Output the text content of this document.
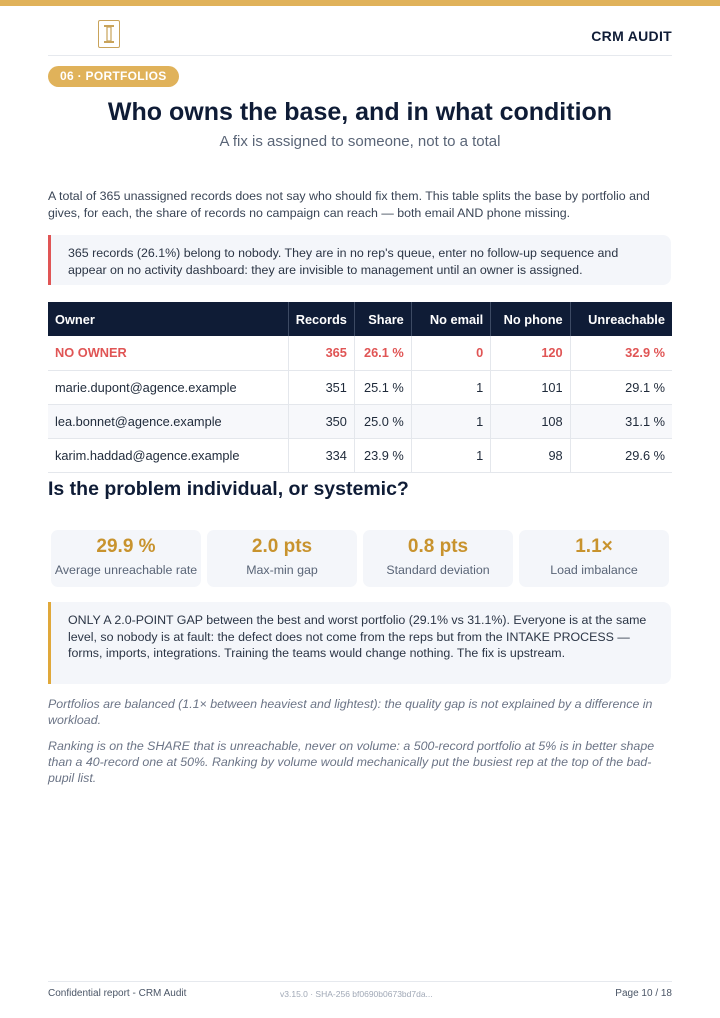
CRM AUDIT
06 · PORTFOLIOS
Who owns the base, and in what condition
A fix is assigned to someone, not to a total

A total of 365 unassigned records does not say who should fix them. This table splits the base by portfolio and gives, for each, the share of records no campaign can reach — both email AND phone missing.

365 records (26.1%) belong to nobody. They are in no rep's queue, enter no follow-up sequence and appear on no activity dashboard: they are invisible to management until an owner is assigned.
Owner	Records	Share	No email	No phone	Unreachable
NO OWNER	365	26.1 %	0	120	32.9 %
marie.dupont@agence.example	351	25.1 %	1	101	29.1 %
lea.bonnet@agence.example	350	25.0 %	1	108	31.1 %
karim.haddad@agence.example	334	23.9 %	1	98	29.6 %
Is the problem individual, or systemic?
29.9 %
Average unreachable rate
2.0 pts
Max-min gap
0.8 pts
Standard deviation
1.1×
Load imbalance
ONLY A 2.0-POINT GAP between the best and worst portfolio (29.1% vs 31.1%). Everyone is at the same level, so nobody is at fault: the defect does not come from the reps but from the INTAKE PROCESS — forms, imports, integrations. Training the teams would change nothing. The fix is upstream.

Portfolios are balanced (1.1× between heaviest and lightest): the quality gap is not explained by a difference in workload.

Ranking is on the SHARE that is unreachable, never on volume: a 500-record portfolio at 5% is in better shape than a 40-record one at 50%. Ranking by volume would mechanically put the busiest rep at the top of the bad-pupil list.

Confidential report - CRM Audit	v3.15.0 · SHA-256 bf0690b0673bd7da...	Page 10 / 18
